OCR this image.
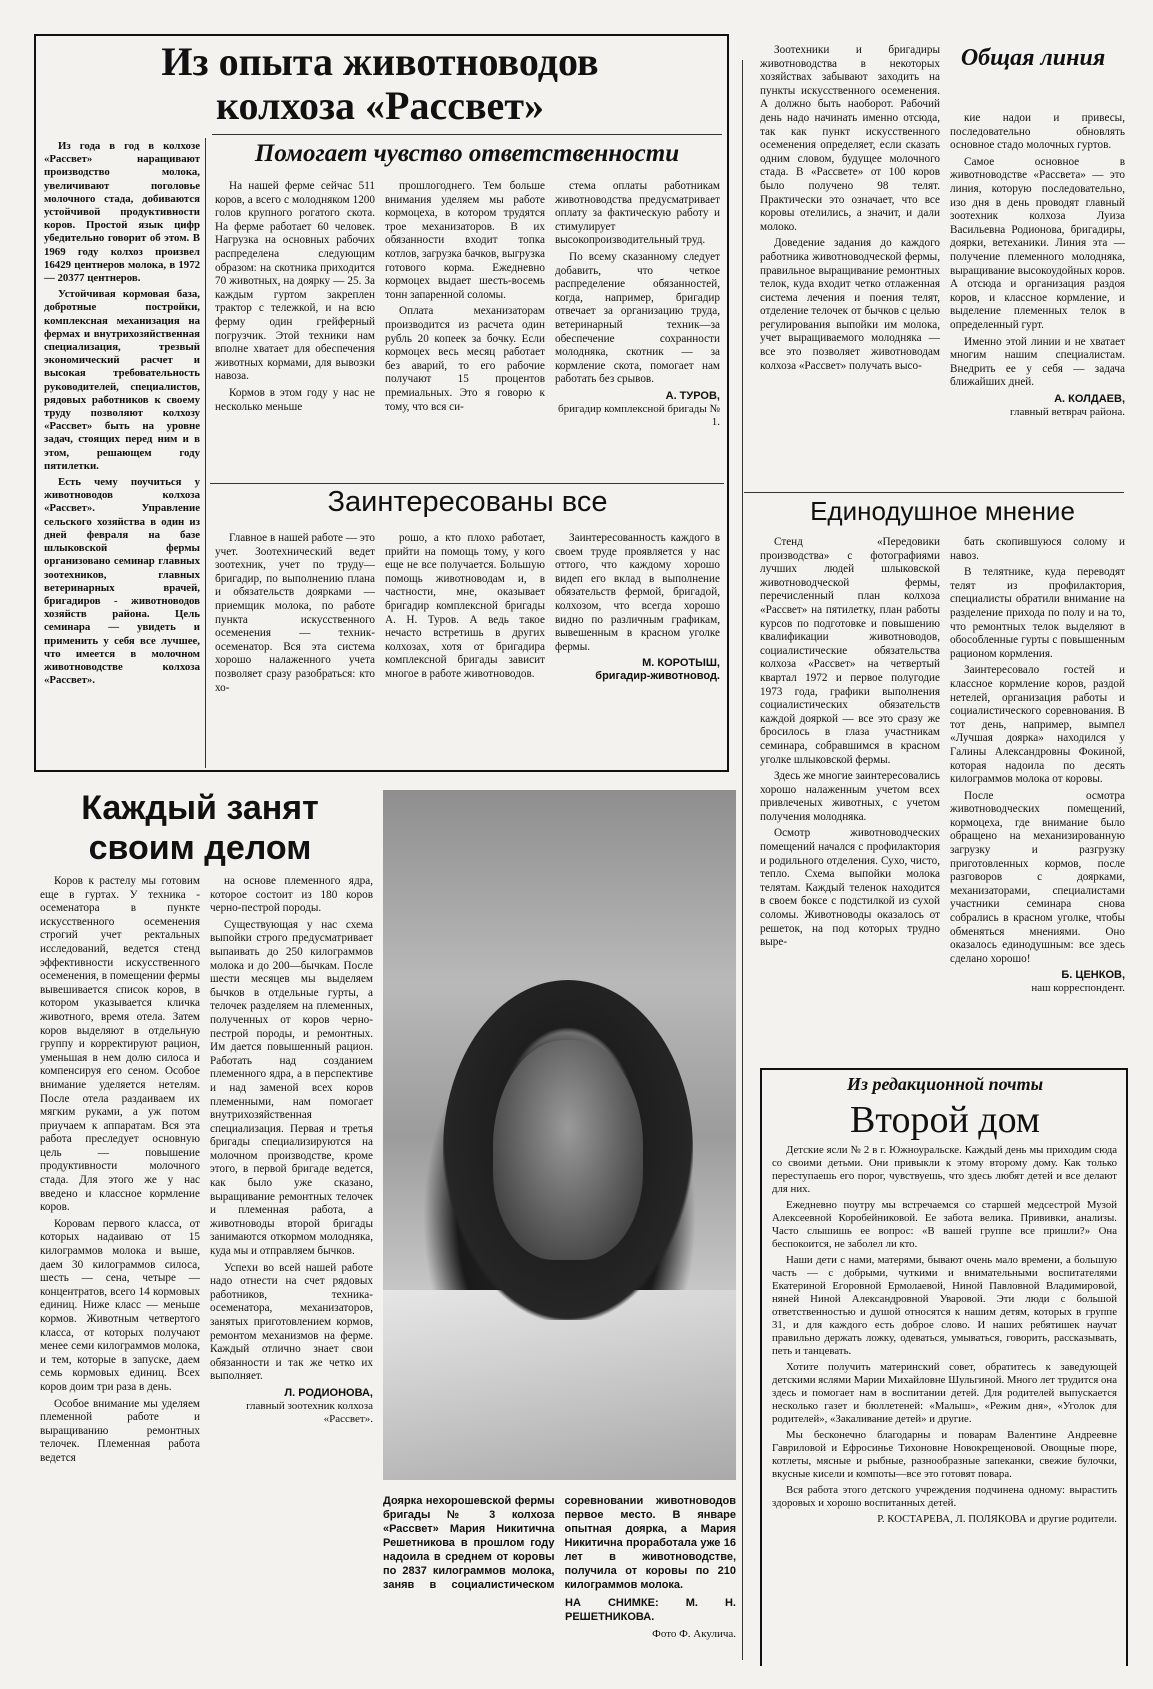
Из опыта животноводов
колхоза «Рассвет»

Из года в год в колхозе «Рассвет» наращивают производство молока, увеличивают поголовье молочного стада, добиваются устойчивой продуктивности коров. Простой язык цифр убедительно говорит об этом. В 1969 году колхоз произвел 16429 центнеров молока, в 1972 — 20377 центнеров.

Устойчивая кормовая база, добротные постройки, комплексная механизация на фермах и внутрихозяйственная специализация, трезвый экономический расчет и высокая требовательность руководителей, специалистов, рядовых работников к своему труду позволяют колхозу «Рассвет» быть на уровне задач, стоящих перед ним и в этом, решающем году пятилетки.

Есть чему поучиться у животноводов колхоза «Рассвет». Управление сельского хозяйства в один из дней февраля на базе шлыковской фермы организовано семинар главных зоотехников, главных ветеринарных врачей, бригадиров - животноводов хозяйств района. Цель семинара — увидеть и применить у себя все лучшее, что имеется в молочном животноводстве колхоза «Рассвет».

Помогает чувство ответственности

На нашей ферме сейчас 511 коров, а всего с молодняком 1200 голов крупного рогатого скота. На ферме работает 60 человек. Нагрузка на основных рабочих распределена следующим образом: на скотника приходится 70 животных, на доярку — 25. За каждым гуртом закреплен трактор с тележкой, и на всю ферму один грейферный погрузчик. Этой техники нам вполне хватает для обеспечения животных кормами, для вывозки навоза.

Кормов в этом году у нас не несколько меньше

прошлогоднего. Тем больше внимания уделяем мы работе кормоцеха, в котором трудятся трое механизаторов. В их обязанности входит топка котлов, загрузка бачков, выгрузка готового корма. Ежедневно кормоцех выдает шесть-восемь тонн запаренной соломы.

Оплата механизаторам производится из расчета один рубль 20 копеек за бочку. Если кормоцех весь месяц работает без аварий, то его рабочие получают 15 процентов премиальных. Это я говорю к тому, что вся си-

стема оплаты работникам животноводства предусматривает оплату за фактическую работу и стимулирует высокопроизводительный труд.

По всему сказанному следует добавить, что четкое распределение обязанностей, когда, например, бригадир отвечает за организацию труда, ветеринарный техник—за обеспечение сохранности молодняка, скотник — за кормление скота, помогает нам работать без срывов.

А. ТУРОВ,
бригадир комплексной бригады № 1.
Заинтересованы все

Главное в нашей работе — это учет. Зоотехнический ведет зоотехник, учет по труду— бригадир, по выполнению плана и обязательств доярками — приемщик молока, по работе пункта искусственного осеменения — техник-осеменатор. Вся эта система хорошо налаженного учета позволяет сразу разобраться: кто хо-

рошо, а кто плохо работает, прийти на помощь тому, у кого еще не все получается. Большую помощь животноводам и, в частности, мне, оказывает бригадир комплексной бригады А. Н. Туров. А ведь такое нечасто встретишь в других колхозах, хотя от бригадира комплексной бригады зависит многое в работе животноводов.

Заинтересованность каждого в своем труде проявляется у нас оттого, что каждому хорошо видеп его вклад в выполнение обязательств фермой, бригадой, колхозом, что всегда хорошо видно по различным графикам, вывешенным в красном уголке фермы.

М. КОРОТЫШ,
бригадир-животновод.

Зоотехники и бригадиры животноводства в некоторых хозяйствах забывают заходить на пункты искусственного осеменения. А должно быть наоборот. Рабочий день надо начинать именно отсюда, так как пункт искусственного осеменения определяет, если сказать одним словом, будущее молочного стада. В «Рассвете» от 100 коров было получено 98 телят. Практически это означает, что все коровы отелились, а значит, и дали молоко.

Доведение задания до каждого работника животноводческой фермы, правильное выращивание ремонтных телок, куда входит четко отлаженная система лечения и поения телят, отделение телочек от бычков с целью регулирования выпойки им молока, учет выращиваемого молодняка — все это позволяет животноводам колхоза «Рассвет» получать высо-

Общая линия

кие надои и привесы, последовательно обновлять основное стадо молочных гуртов.

Самое основное в животноводстве «Рассвета» — это линия, которую последовательно, изо дня в день проводят главный зоотехник колхоза Луиза Васильевна Родионова, бригадиры, доярки, ветеханики. Линия эта — получение племенного молодняка, выращивание высокоудойных коров. А отсюда и организация раздоя коров, и классное кормление, и выделение племенных телок в определенный гурт.

Именно этой линии и не хватает многим нашим специалистам. Внедрить ее у себя — задача ближайших дней.

А. КОЛДАЕВ,
главный ветврач района.
Единодушное мнение

Стенд «Передовики производства» с фотографиями лучших людей шлыковской животноводческой фермы, перечисленный план колхоза «Рассвет» на пятилетку, план работы курсов по подготовке и повышению квалификации животноводов, социалистические обязательства колхоза «Рассвет» на четвертый квартал 1972 и первое полугодие 1973 года, графики выполнения социалистических обязательств каждой дояркой — все это сразу же бросилось в глаза участникам семинара, собравшимся в красном уголке шлыковской фермы.

Здесь же многие заинтересовались хорошо налаженным учетом всех привлеченых животных, с учетом получения молодняка.

Осмотр животноводческих помещений начался с профилактория и родильного отделения. Сухо, чисто, тепло. Схема выпойки молока телятам. Каждый теленок находится в своем боксе с подстилкой из сухой соломы. Животноводы оказалось от решеток, на под которых трудно выре-

бать скопившуюся солому и навоз.

В телятнике, куда переводят телят из профилактория, специалисты обратили внимание на разделение прихода по полу и на то, что ремонтных телок выделяют в обособленные гурты с повышенным рационом кормления.

Заинтересовало гостей и классное кормление коров, раздой нетелей, организация работы и социалистического соревнования. В тот день, например, вымпел «Лучшая доярка» находился у Галины Александровны Фокиной, которая надоила по десять килограммов молока от коровы.

После осмотра животноводческих помещений, кормоцеха, где внимание было обращено на механизированную загрузку и разгрузку приготовленных кормов, после разговоров с доярками, механизаторами, специалистами участники семинара снова собрались в красном уголке, чтобы обменяться мнениями. Оно оказалось единодушным: все здесь сделано хорошо!

Б. ЦЕНКОВ,
наш корреспондент.
Каждый занят
своим делом

Коров к растелу мы готовим еще в гуртах. У техника - осеменатора в пункте искусственного осеменения строгий учет ректальных исследований, ведется стенд эффективности искусственного осеменения, в помещении фермы вывешивается список коров, в котором указывается кличка животного, время отела. Затем коров выделяют в отдельную группу и корректируют рацион, уменьшая в нем долю силоса и компенсируя его сеном. Особое внимание уделяется нетелям. После отела раздаиваем их мягким руками, а уж потом приучаем к аппаратам. Вся эта работа преследует основную цель — повышение продуктивности молочного стада. Для этого же у нас введено и классное кормление коров.

Коровам первого класса, от которых надаиваю от 15 килограммов молока и выше, даем 30 килограммов силоса, шесть — сена, четыре — концентратов, всего 14 кормовых единиц. Ниже класс — меньше кормов. Животным четвертого класса, от которых получают менее семи килограммов молока, и тем, которые в запуске, даем семь кормовых единиц. Всех коров доим три раза в день.

Особое внимание мы уделяем племенной работе и выращиванию ремонтных телочек. Племенная работа ведется

на основе племенного ядра, которое состоит из 180 коров черно-пестрой породы.

Существующая у нас схема выпойки строго предусматривает выпаивать до 250 килограммов молока и до 200—бычкам. После шести месяцев мы выделяем бычков в отдельные гурты, а телочек разделяем на племенных, полученных от коров черно-пестрой породы, и ремонтных. Им дается повышенный рацион. Работать над созданием племенного ядра, а в перспективе и над заменой всех коров племенными, нам помогает внутрихозяйственная специализация. Первая и третья бригады специализируются на молочном производстве, кроме этого, в первой бригаде ведется, как было уже сказано, выращивание ремонтных телочек и племенная работа, а животноводы второй бригады занимаются откормом молодняка, куда мы и отправляем бычков.

Успехи во всей нашей работе надо отнести на счет рядовых работников, техника-осеменатора, механизаторов, занятых приготовлением кормов, ремонтом механизмов на ферме. Каждый отлично знает свои обязанности и так же четко их выполняет.

Л. РОДИОНОВА,
главный зоотехник колхоза «Рассвет».

Доярка нехорошевской фермы бригады № 3 колхоза «Рассвет» Мария Никитична Решетникова в прошлом году надоила в среднем от коровы по 2837 килограммов молока, заняв в социалистическом соревновании животноводов первое место. В январе опытная доярка, а Мария Никитична проработала уже 16 лет в животноводстве, получила от коровы по 210 килограммов молока.

НА СНИМКЕ: М. Н. РЕШЕТНИКОВА.

Фото Ф. Акулича.

Из редакционной почты
Второй дом

Детские ясли № 2 в г. Южноуральске. Каждый день мы приходим сюда со своими детьми. Они привыкли к этому второму дому. Как только переступаешь его порог, чувствуешь, что здесь любят детей и все делают для них.

Ежедневно поутру мы встречаемся со старшей медсестрой Музой Алексеевной Коробейниковой. Ее забота велика. Прививки, анализы. Часто слышишь ее вопрос: «В вашей группе все пришли?» Она беспокоится, не заболел ли кто.

Наши дети с нами, матерями, бывают очень мало времени, а большую часть — с добрыми, чуткими и внимательными воспитателями Екатериной Егоровной Ермолаевой, Ниной Павловной Владимировой, няней Ниной Александровной Уваровой. Эти люди с большой ответственностью и душой относятся к нашим детям, которых в группе 31, и для каждого есть доброе слово. И наших ребятишек научат правильно держать ложку, одеваться, умываться, говорить, рассказывать, петь и танцевать.

Хотите получить материнский совет, обратитесь к заведующей детскими яслями Марии Михайловне Шульгиной. Много лет трудится она здесь и помогает нам в воспитании детей. Для родителей выпускается несколько газет и бюллетеней: «Малыш», «Режим дня», «Уголок для родителей», «Закаливание детей» и другие.

Мы бесконечно благодарны и поварам Валентине Андреевне Гавриловой и Ефросинье Тихоновне Новокрещеновой. Овощные пюре, котлеты, мясные и рыбные, разнообразные запеканки, свежие булочки, вкусные кисели и компоты—все это готовят повара.

Вся работа этого детского учреждения подчинена одному: вырастить здоровых и хорошо воспитанных детей.

Р. КОСТАРЕВА, Л. ПОЛЯКОВА и другие родители.
